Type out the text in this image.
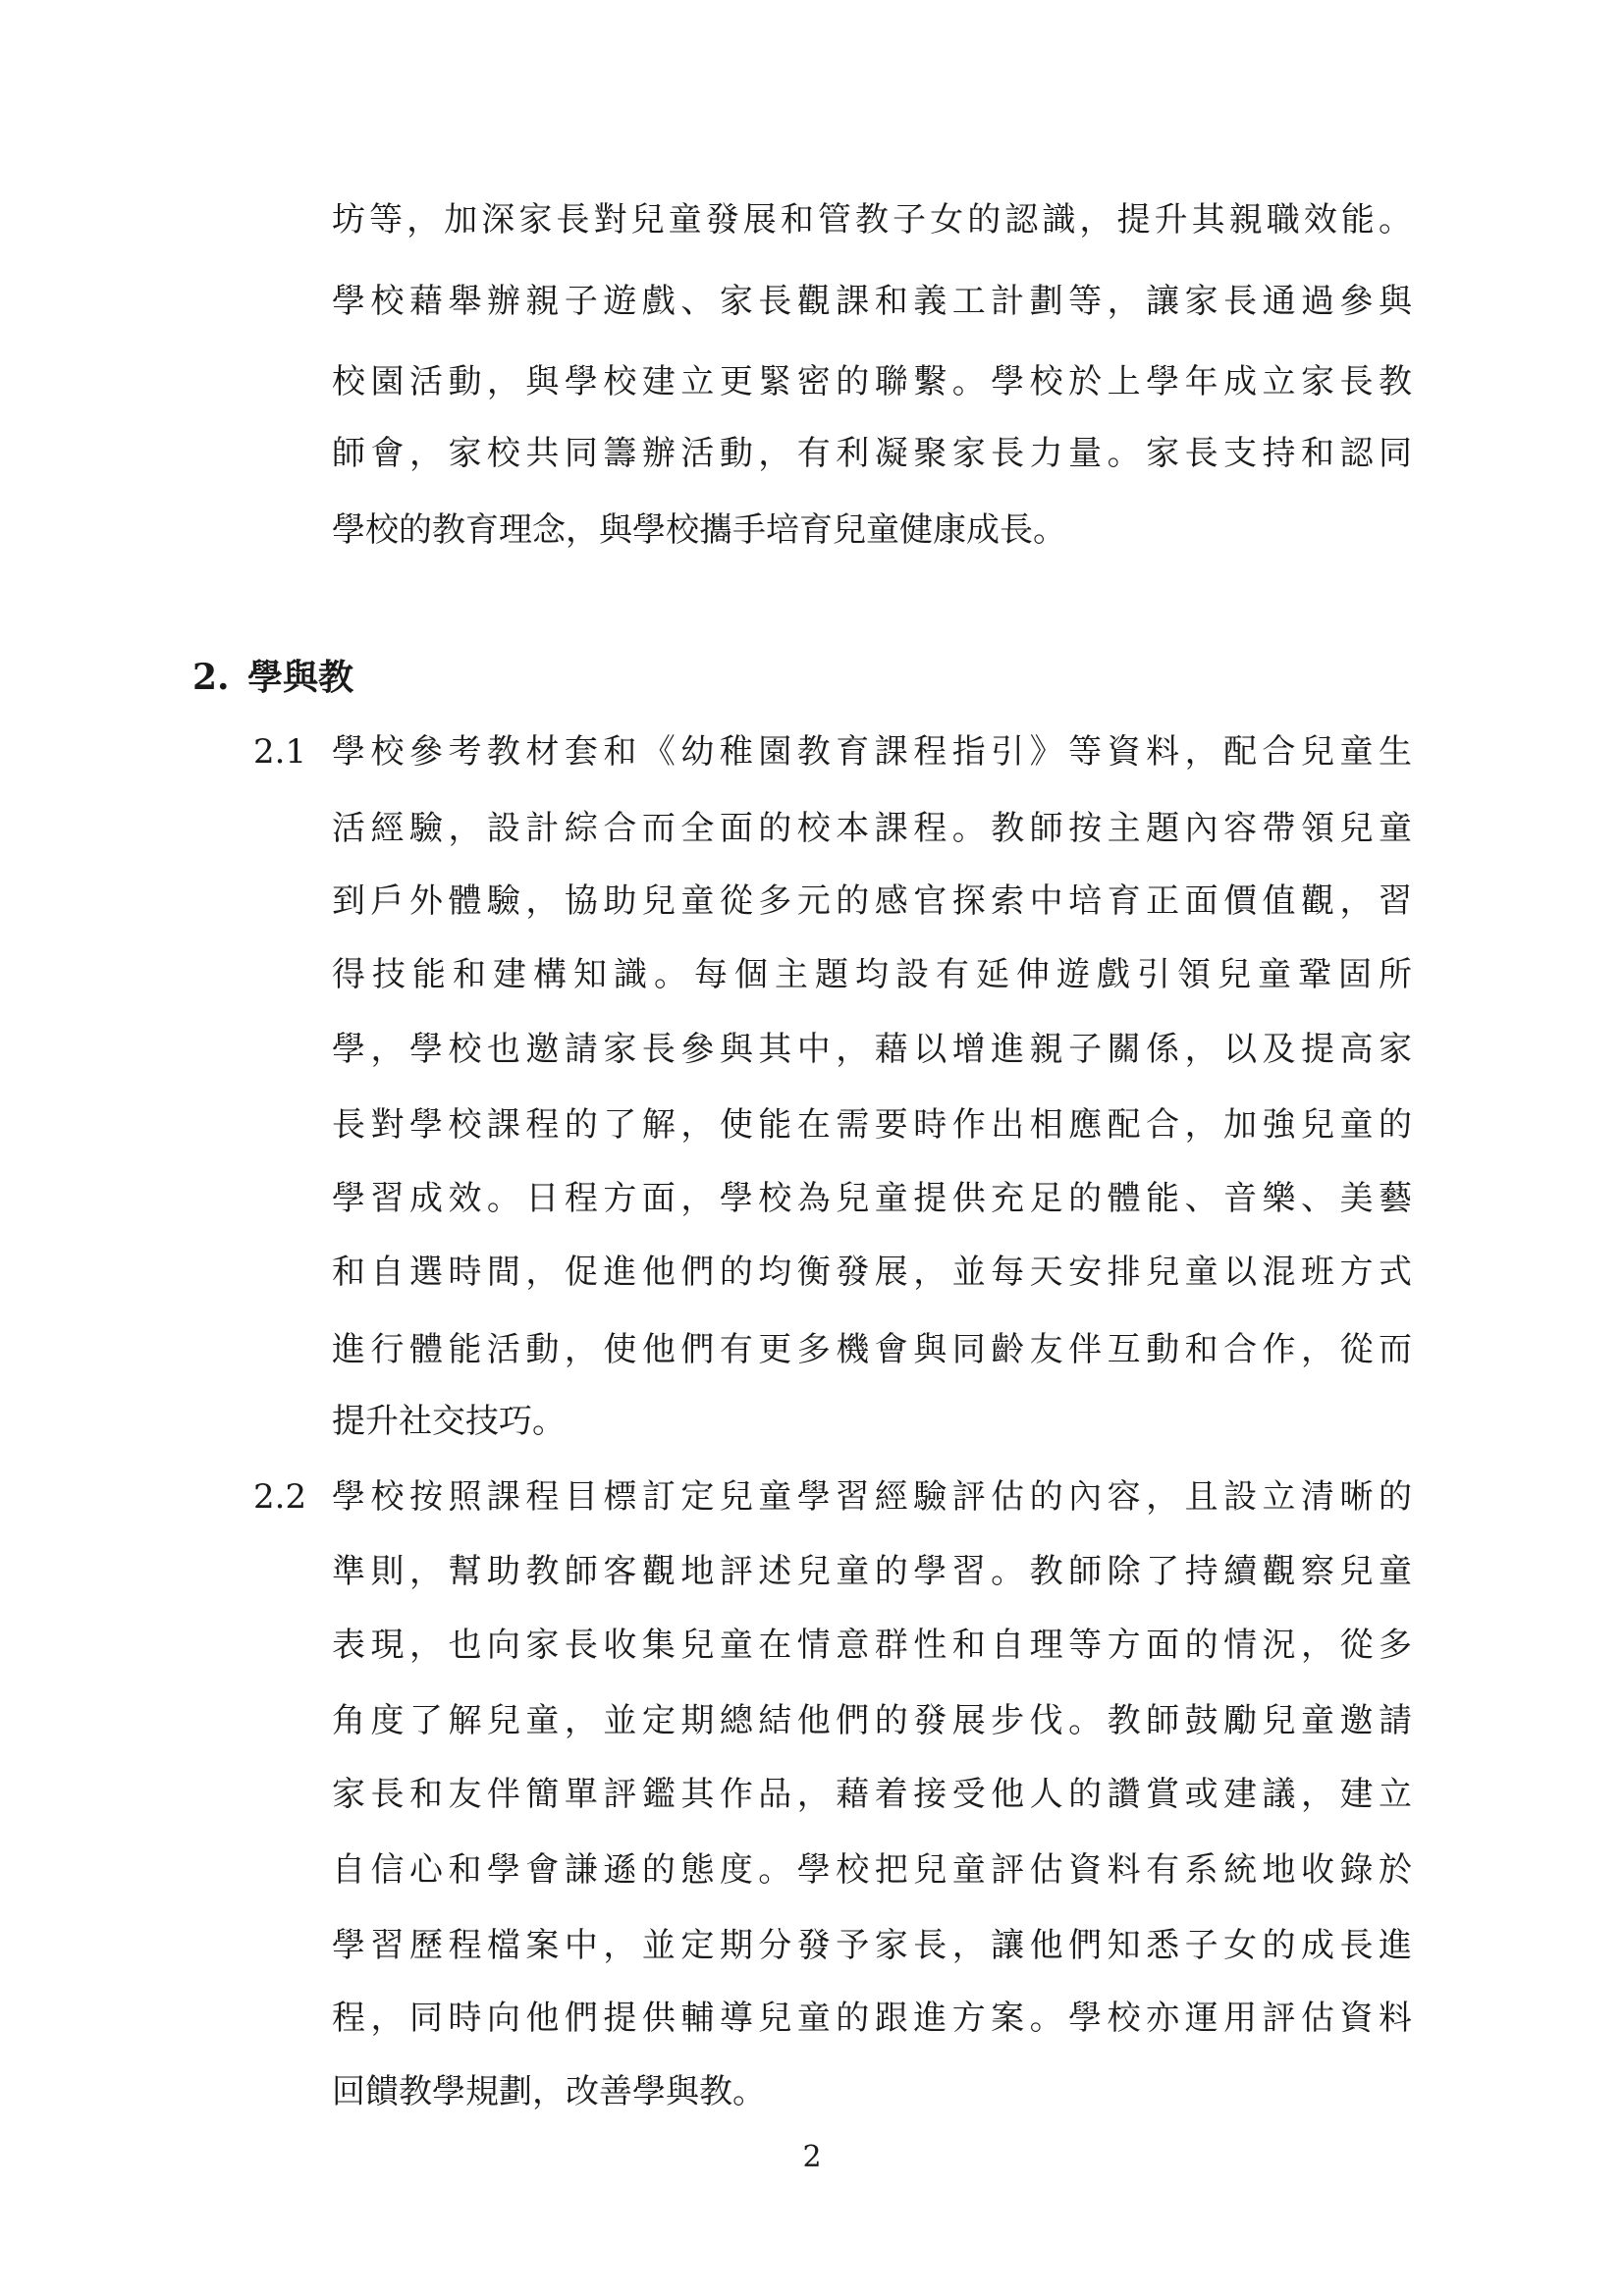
坊等，加深家長對兒童發展和管教子女的認識，提升其親職效能。
學校藉舉辦親子遊戲、家長觀課和義工計劃等，讓家長通過參與
校園活動，與學校建立更緊密的聯繫。學校於上學年成立家長教
師會，家校共同籌辦活動，有利凝聚家長力量。家長支持和認同
學校的教育理念，與學校攜手培育兒童健康成長。
2. 學與教
2.1 學校參考教材套和《幼稚園教育課程指引》等資料，配合兒童生
活經驗，設計綜合而全面的校本課程。教師按主題內容帶領兒童
到戶外體驗，協助兒童從多元的感官探索中培育正面價值觀，習
得技能和建構知識。每個主題均設有延伸遊戲引領兒童鞏固所
學，學校也邀請家長參與其中，藉以增進親子關係，以及提高家
長對學校課程的了解，使能在需要時作出相應配合，加強兒童的
學習成效。日程方面，學校為兒童提供充足的體能、音樂、美藝
和自選時間，促進他們的均衡發展，並每天安排兒童以混班方式
進行體能活動，使他們有更多機會與同齡友伴互動和合作，從而
提升社交技巧。
2.2 學校按照課程目標訂定兒童學習經驗評估的內容，且設立清晰的
準則，幫助教師客觀地評述兒童的學習。教師除了持續觀察兒童
表現，也向家長收集兒童在情意群性和自理等方面的情況，從多
角度了解兒童，並定期總結他們的發展步伐。教師鼓勵兒童邀請
家長和友伴簡單評鑑其作品，藉着接受他人的讚賞或建議，建立
自信心和學會謙遜的態度。學校把兒童評估資料有系統地收錄於
學習歷程檔案中，並定期分發予家長，讓他們知悉子女的成長進
程，同時向他們提供輔導兒童的跟進方案。學校亦運用評估資料
回饋教學規劃，改善學與教。
2
